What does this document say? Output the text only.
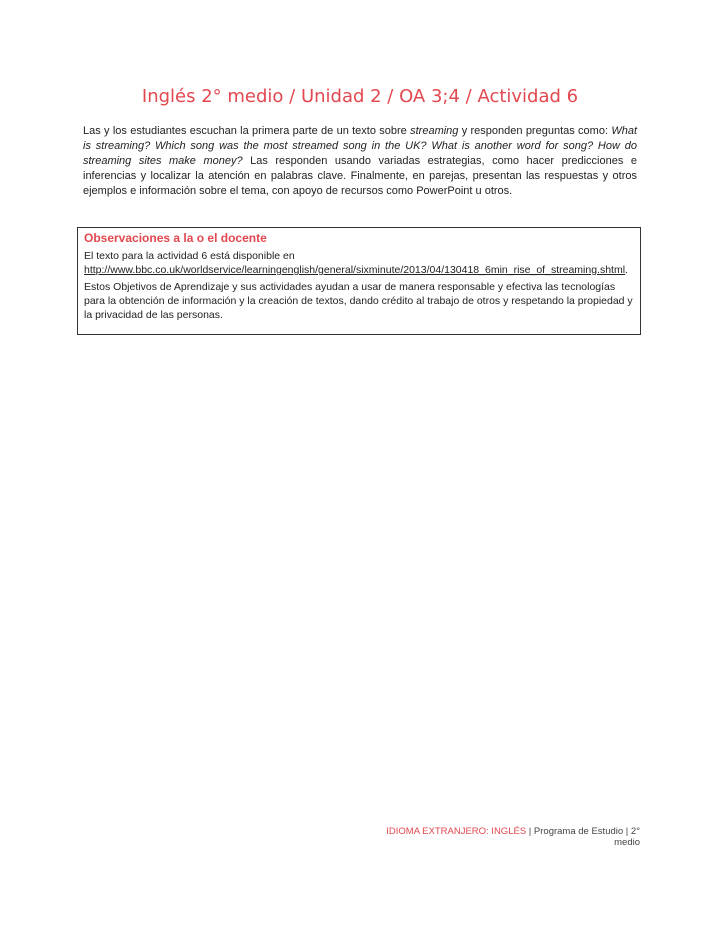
Inglés 2° medio / Unidad 2 / OA 3;4 / Actividad 6

Las y los estudiantes escuchan la primera parte de un texto sobre streaming y responden preguntas como: What is streaming? Which song was the most streamed song in the UK? What is another word for song? How do streaming sites make money? Las responden usando variadas estrategias, como hacer predicciones e inferencias y localizar la atención en palabras clave. Finalmente, en parejas, presentan las respuestas y otros ejemplos e información sobre el tema, con apoyo de recursos como PowerPoint u otros.

Observaciones a la o el docente

El texto para la actividad 6 está disponible en
http://www.bbc.co.uk/worldservice/learningenglish/general/sixminute/2013/04/130418_6min_rise_of_streaming.shtml.

Estos Objetivos de Aprendizaje y sus actividades ayudan a usar de manera responsable y efectiva las tecnologías para la obtención de información y la creación de textos, dando crédito al trabajo de otros y respetando la propiedad y la privacidad de las personas.

IDIOMA EXTRANJERO: INGLÉS | Programa de Estudio | 2° medio
